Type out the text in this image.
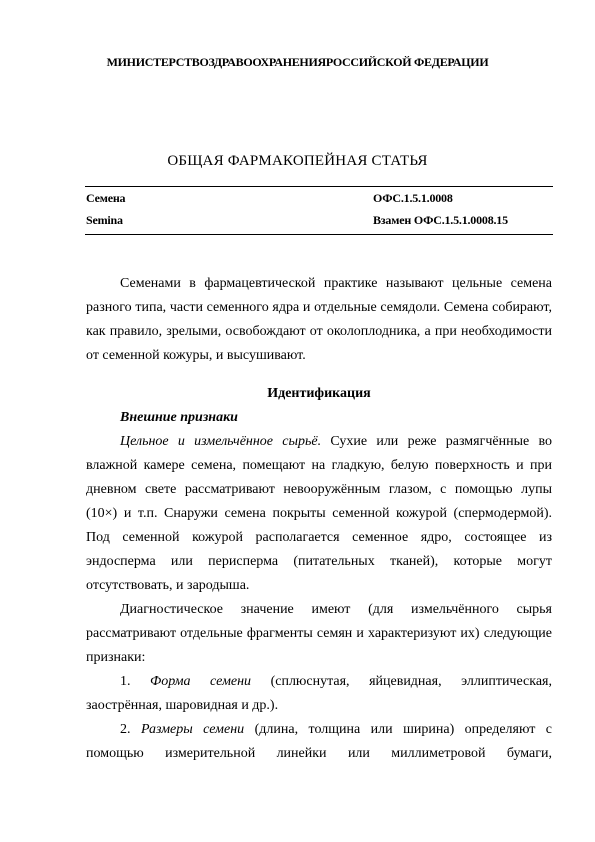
МИНИСТЕРСТВОЗДРАВООХРАНЕНИЯРОССИЙСКОЙ ФЕДЕРАЦИИ
ОБЩАЯ ФАРМАКОПЕЙНАЯ СТАТЬЯ
Семена	ОФС.1.5.1.0008
Semina	Взамен ОФС.1.5.1.0008.15

Семенами в фармацевтической практике называют цельные семена

разного типа, части семенного ядра и отдельные семядоли. Семена собирают,

как правило, зрелыми, освобождают от околоплодника, а при необходимости

от семенной кожуры, и высушивают.

Идентификация

Внешние признаки

Цельное и измельчённое сырьё. Сухие или реже размягчённые во

влажной камере семена, помещают на гладкую, белую поверхность и при

дневном свете рассматривают невооружённым глазом, с помощью лупы

(10×) и т.п. Снаружи семена покрыты семенной кожурой (спермодермой).

Под семенной кожурой располагается семенное ядро, состоящее из

эндосперма или перисперма (питательных тканей), которые могут

отсутствовать, и зародыша.

Диагностическое значение имеют (для измельчённого сырья

рассматривают отдельные фрагменты семян и характеризуют их) следующие

признаки:

1. Форма семени (сплюснутая, яйцевидная, эллиптическая,

заострённая, шаровидная и др.).

2. Размеры семени (длина, толщина или ширина) определяют с

помощью измерительной линейки или миллиметровой бумаги,
